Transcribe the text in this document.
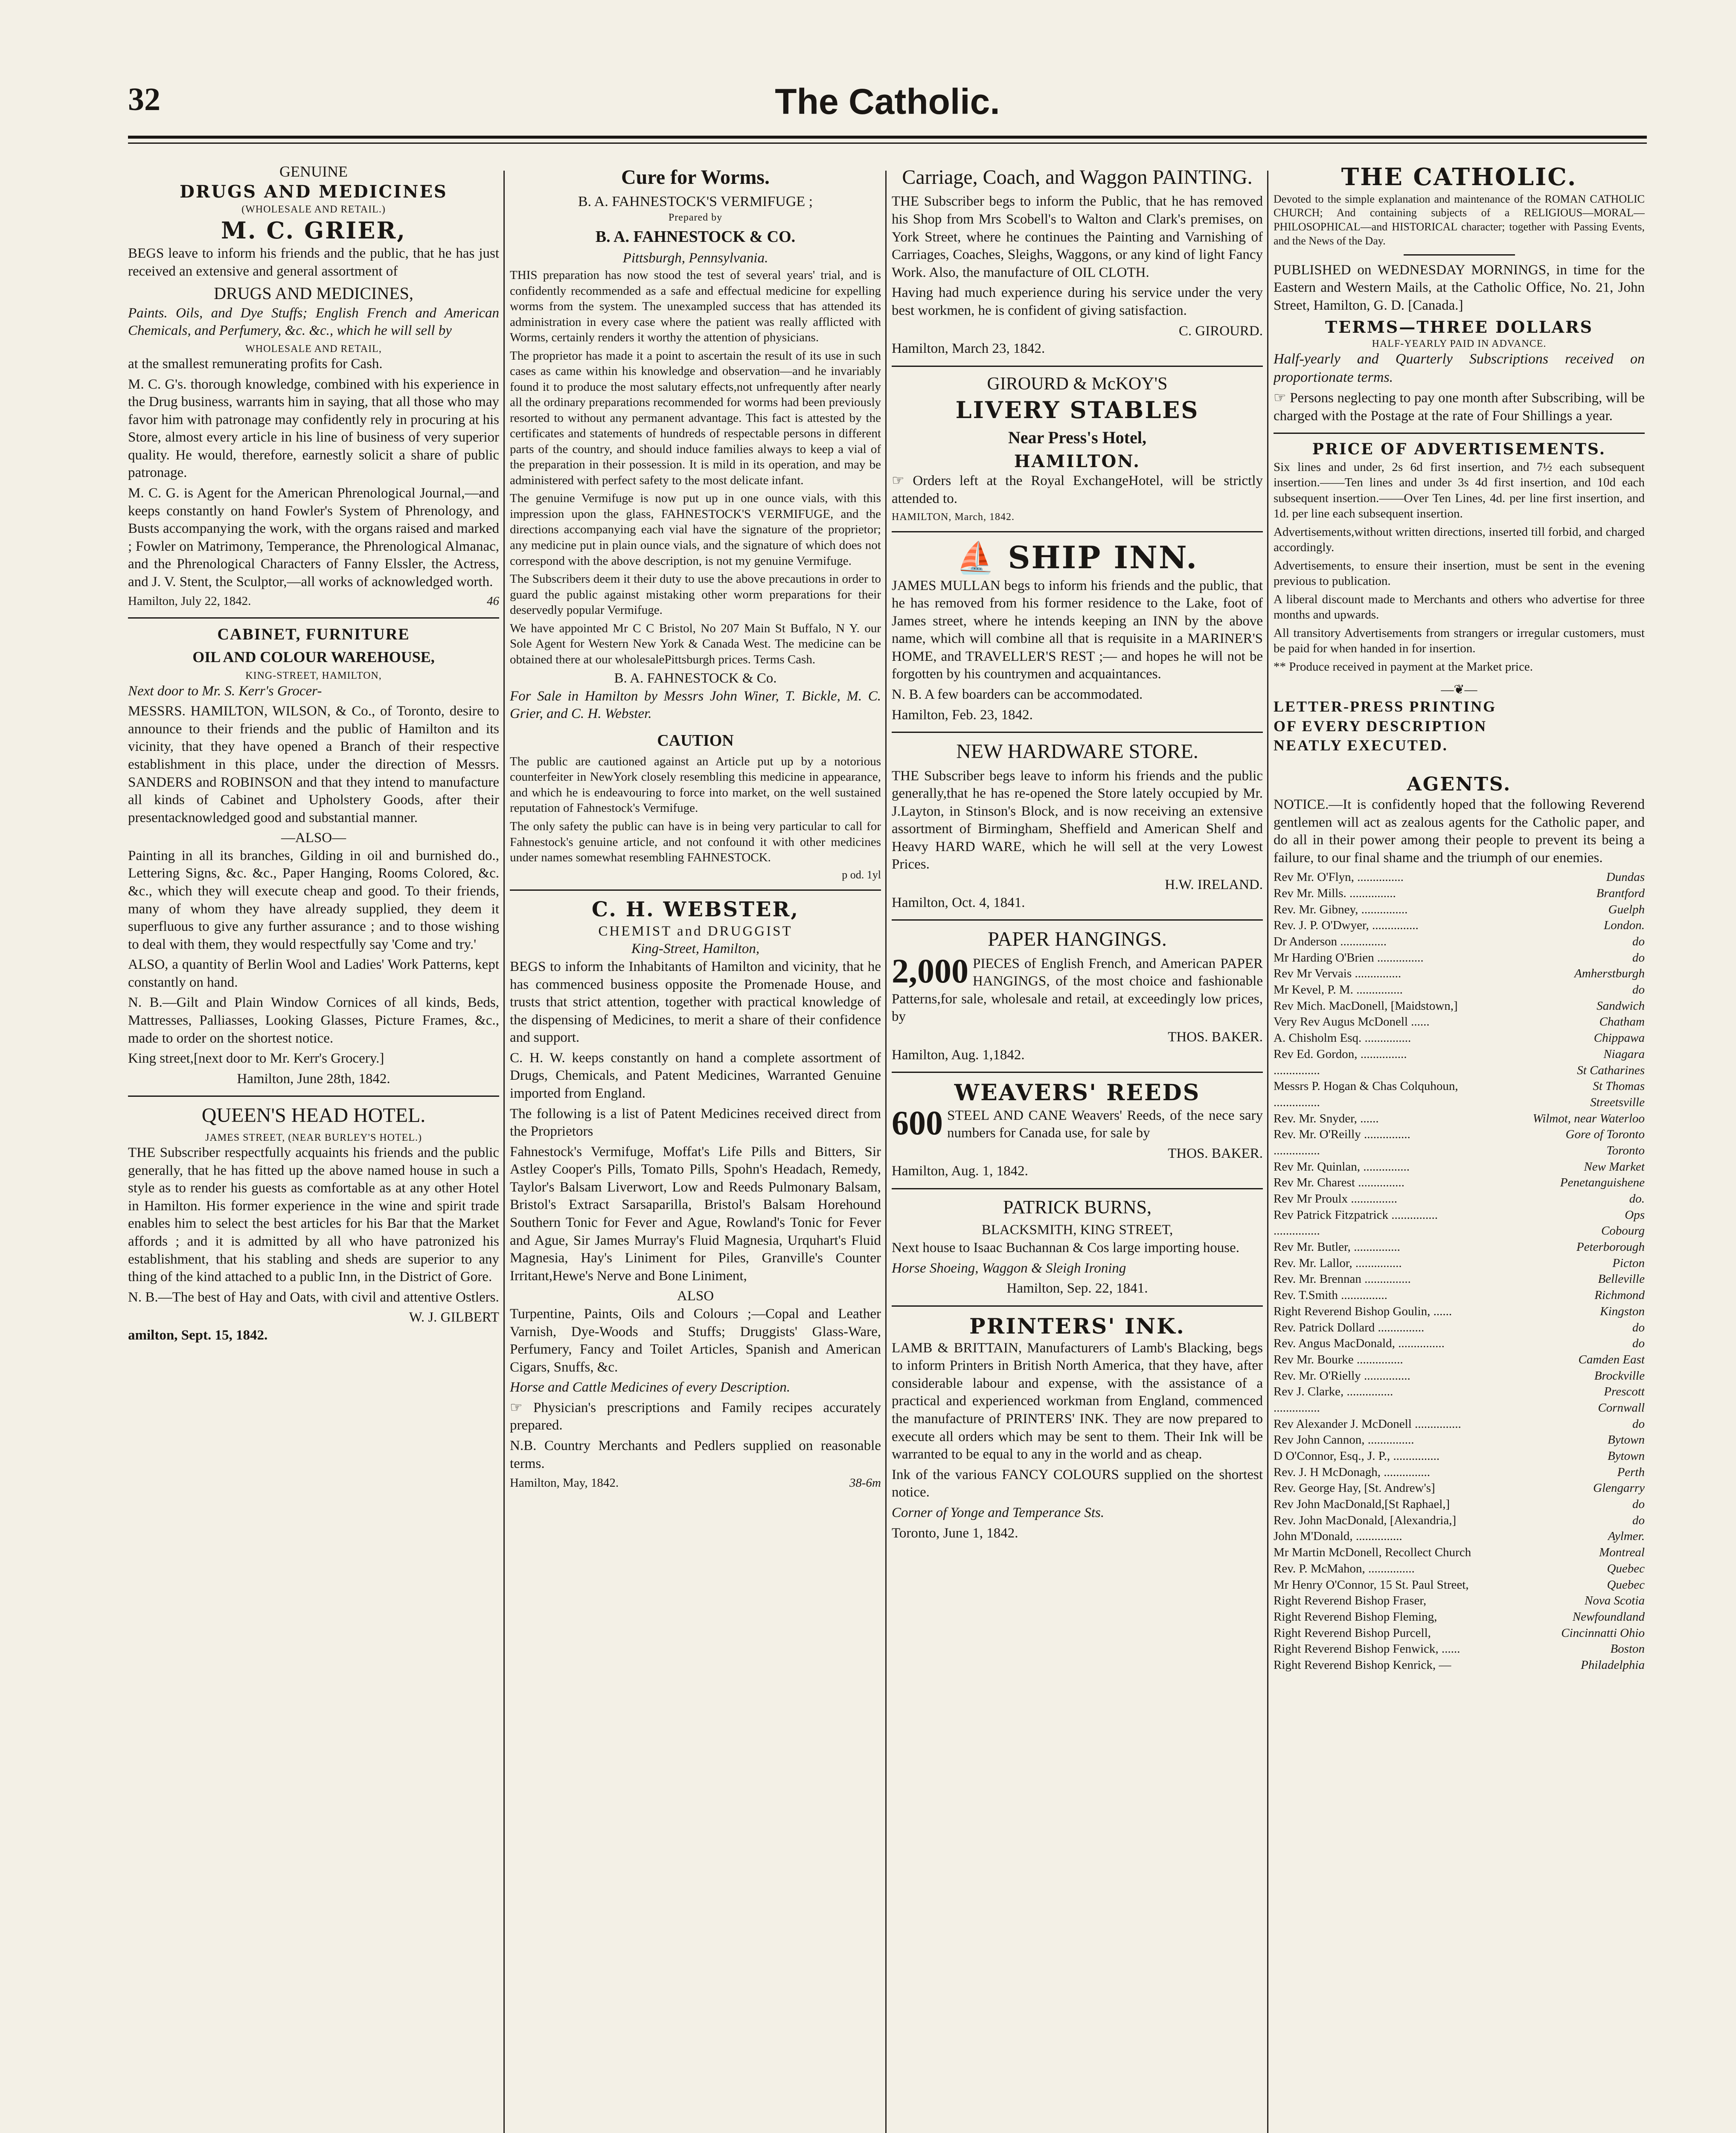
32	The Catholic.
GENUINE
DRUGS AND MEDICINES
(WHOLESALE AND RETAIL.)
M. C. GRIER,

BEGS leave to inform his friends and the public, that he has just received an extensive and general assortment of

DRUGS AND MEDICINES,

Paints. Oils, and Dye Stuffs; English French and American Chemicals, and Perfumery, &c. &c., which he will sell by

WHOLESALE AND RETAIL,

at the smallest remunerating profits for Cash.

M. C. G's. thorough knowledge, combined with his experience in the Drug business, warrants him in saying, that all those who may favor him with patronage may confidently rely in procuring at his Store, almost every article in his line of business of very superior quality. He would, therefore, earnestly solicit a share of public patronage.

M. C. G. is Agent for the American Phrenological Journal,—and keeps constantly on hand Fowler's System of Phrenology, and Busts accompanying the work, with the organs raised and marked ; Fowler on Matrimony, Temperance, the Phrenological Almanac, and the Phrenological Characters of Fanny Elssler, the Actress, and J. V. Stent, the Sculptor,—all works of acknowledged worth.

Hamilton, July 22, 1842.	46
CABINET, FURNITURE
OIL AND COLOUR WAREHOUSE,
KING-STREET, HAMILTON,

Next door to Mr. S. Kerr's Grocer-

MESSRS. HAMILTON, WILSON, & Co., of Toronto, desire to announce to their friends and the public of Hamilton and its vicinity, that they have opened a Branch of their respective establishment in this place, under the direction of Messrs. SANDERS and ROBINSON and that they intend to manufacture all kinds of Cabinet and Upholstery Goods, after their presentacknowledged good and substantial manner.

—ALSO—

Painting in all its branches, Gilding in oil and burnished do., Lettering Signs, &c. &c., Paper Hanging, Rooms Colored, &c. &c., which they will execute cheap and good. To their friends, many of whom they have already supplied, they deem it superfluous to give any further assurance ; and to those wishing to deal with them, they would respectfully say 'Come and try.'

ALSO, a quantity of Berlin Wool and Ladies' Work Patterns, kept constantly on hand.

N. B.—Gilt and Plain Window Cornices of all kinds, Beds, Mattresses, Palliasses, Looking Glasses, Picture Frames, &c., made to order on the shortest notice.

King street,[next door to Mr. Kerr's Grocery.]

Hamilton, June 28th, 1842.
QUEEN'S HEAD HOTEL.
JAMES STREET, (NEAR BURLEY'S HOTEL.)

THE Subscriber respectfully acquaints his friends and the public generally, that he has fitted up the above named house in such a style as to render his guests as comfortable as at any other Hotel in Hamilton. His former experience in the wine and spirit trade enables him to select the best articles for his Bar that the Market affords ; and it is admitted by all who have patronized his establishment, that his stabling and sheds are superior to any thing of the kind attached to a public Inn, in the District of Gore.

N. B.—The best of Hay and Oats, with civil and attentive Ostlers.

W. J. GILBERT
amilton, Sept. 15, 1842.
Cure for Worms.
B. A. FAHNESTOCK'S VERMIFUGE ;
Prepared by
B. A. FAHNESTOCK & CO.
Pittsburgh, Pennsylvania.

THIS preparation has now stood the test of several years' trial, and is confidently recommended as a safe and effectual medicine for expelling worms from the system. The unexampled success that has attended its administration in every case where the patient was really afflicted with Worms, certainly renders it worthy the attention of physicians.

The proprietor has made it a point to ascertain the result of its use in such cases as came within his knowledge and observation—and he invariably found it to produce the most salutary effects,not unfrequently after nearly all the ordinary preparations recommended for worms had been previously resorted to without any permanent advantage. This fact is attested by the certificates and statements of hundreds of respectable persons in different parts of the country, and should induce families always to keep a vial of the preparation in their possession. It is mild in its operation, and may be administered with perfect safety to the most delicate infant.

The genuine Vermifuge is now put up in one ounce vials, with this impression upon the glass, FAHNESTOCK'S VERMIFUGE, and the directions accompanying each vial have the signature of the proprietor; any medicine put in plain ounce vials, and the signature of which does not correspond with the above description, is not my genuine Vermifuge.

The Subscribers deem it their duty to use the above precautions in order to guard the public against mistaking other worm preparations for their deservedly popular Vermifuge.

We have appointed Mr C C Bristol, No 207 Main St Buffalo, N Y. our Sole Agent for Western New York & Canada West. The medicine can be obtained there at our wholesalePittsburgh prices. Terms Cash.

B. A. FAHNESTOCK & Co.

For Sale in Hamilton by Messrs John Winer, T. Bickle, M. C. Grier, and C. H. Webster.

CAUTION

The public are cautioned against an Article put up by a notorious counterfeiter in NewYork closely resembling this medicine in appearance, and which he is endeavouring to force into market, on the well sustained reputation of Fahnestock's Vermifuge.

The only safety the public can have is in being very particular to call for Fahnestock's genuine article, and not confound it with other medicines under names somewhat resembling FAHNESTOCK.

p od. 1yl
C. H. WEBSTER,
CHEMIST and DRUGGIST
King-Street, Hamilton,

BEGS to inform the Inhabitants of Hamilton and vicinity, that he has commenced business opposite the Promenade House, and trusts that strict attention, together with practical knowledge of the dispensing of Medicines, to merit a share of their confidence and support.

C. H. W. keeps constantly on hand a complete assortment of Drugs, Chemicals, and Patent Medicines, Warranted Genuine imported from England.

The following is a list of Patent Medicines received direct from the Proprietors

Fahnestock's Vermifuge, Moffat's Life Pills and Bitters, Sir Astley Cooper's Pills, Tomato Pills, Spohn's Headach, Remedy, Taylor's Balsam Liverwort, Low and Reeds Pulmonary Balsam, Bristol's Extract Sarsaparilla, Bristol's Balsam Horehound Southern Tonic for Fever and Ague, Rowland's Tonic for Fever and Ague, Sir James Murray's Fluid Magnesia, Urquhart's Fluid Magnesia, Hay's Liniment for Piles, Granville's Counter Irritant,Hewe's Nerve and Bone Liniment,

ALSO

Turpentine, Paints, Oils and Colours ;—Copal and Leather Varnish, Dye-Woods and Stuffs; Druggists' Glass-Ware, Perfumery, Fancy and Toilet Articles, Spanish and American Cigars, Snuffs, &c.

Horse and Cattle Medicines of every Description.

☞ Physician's prescriptions and Family recipes accurately prepared.

N.B. Country Merchants and Pedlers supplied on reasonable terms.

Hamilton, May, 1842.	38-6m
Carriage, Coach, and Waggon PAINTING.

THE Subscriber begs to inform the Public, that he has removed his Shop from Mrs Scobell's to Walton and Clark's premises, on York Street, where he continues the Painting and Varnishing of Carriages, Coaches, Sleighs, Waggons, or any kind of light Fancy Work. Also, the manufacture of OIL CLOTH.

Having had much experience during his service under the very best workmen, he is confident of giving satisfaction.

C. GIROURD.
Hamilton, March 23, 1842.
GIROURD & McKOY'S
LIVERY STABLES
Near Press's Hotel,
HAMILTON.

☞ Orders left at the Royal ExchangeHotel, will be strictly attended to.

HAMILTON, March, 1842.
⛵ SHIP INN.

JAMES MULLAN begs to inform his friends and the public, that he has removed from his former residence to the Lake, foot of James street, where he intends keeping an INN by the above name, which will combine all that is requisite in a MARINER'S HOME, and TRAVELLER'S REST ;— and hopes he will not be forgotten by his countrymen and acquaintances.

N. B. A few boarders can be accommodated.

Hamilton, Feb. 23, 1842.
NEW HARDWARE STORE.

THE Subscriber begs leave to inform his friends and the public generally,that he has re-opened the Store lately occupied by Mr. J.Layton, in Stinson's Block, and is now receiving an extensive assortment of Birmingham, Sheffield and American Shelf and Heavy HARD WARE, which he will sell at the very Lowest Prices.

H.W. IRELAND.
Hamilton, Oct. 4, 1841.
PAPER HANGINGS.

2,000 PIECES of English French, and American PAPER HANGINGS, of the most choice and fashionable Patterns,for sale, wholesale and retail, at exceedingly low prices, by

THOS. BAKER.
Hamilton, Aug. 1,1842.
WEAVERS' REEDS

600 STEEL AND CANE Weavers' Reeds, of the nece sary numbers for Canada use, for sale by

THOS. BAKER.
Hamilton, Aug. 1, 1842.
PATRICK BURNS,
BLACKSMITH, KING STREET,

Next house to Isaac Buchannan & Cos large importing house.

Horse Shoeing, Waggon & Sleigh Ironing

Hamilton, Sep. 22, 1841.
PRINTERS' INK.

LAMB & BRITTAIN, Manufacturers of Lamb's Blacking, begs to inform Printers in British North America, that they have, after considerable labour and expense, with the assistance of a practical and experienced workman from England, commenced the manufacture of PRINTERS' INK. They are now prepared to execute all orders which may be sent to them. Their Ink will be warranted to be equal to any in the world and as cheap.

Ink of the various FANCY COLOURS supplied on the shortest notice.

Corner of Yonge and Temperance Sts.

Toronto, June 1, 1842.
THE CATHOLIC.

Devoted to the simple explanation and maintenance of the ROMAN CATHOLIC CHURCH; And containing subjects of a RELIGIOUS—MORAL—PHILOSOPHICAL—and HISTORICAL character; together with Passing Events, and the News of the Day.

PUBLISHED on WEDNESDAY MORNINGS, in time for the Eastern and Western Mails, at the Catholic Office, No. 21, John Street, Hamilton, G. D. [Canada.]

TERMS—THREE DOLLARS
HALF-YEARLY PAID IN ADVANCE.

Half-yearly and Quarterly Subscriptions received on proportionate terms.

☞ Persons neglecting to pay one month after Subscribing, will be charged with the Postage at the rate of Four Shillings a year.

PRICE OF ADVERTISEMENTS.

Six lines and under, 2s 6d first insertion, and 7½ each subsequent insertion.——Ten lines and under 3s 4d first insertion, and 10d each subsequent insertion.——Over Ten Lines, 4d. per line first insertion, and 1d. per line each subsequent insertion.

Advertisements,without written directions, inserted till forbid, and charged accordingly.

Advertisements, to ensure their insertion, must be sent in the evening previous to publication.

A liberal discount made to Merchants and others who advertise for three months and upwards.

All transitory Advertisements from strangers or irregular customers, must be paid for when handed in for insertion.

** Produce received in payment at the Market price.

—❦—
LETTER-PRESS PRINTING
OF EVERY DESCRIPTION
NEATLY EXECUTED.
AGENTS.

NOTICE.—It is confidently hoped that the following Reverend gentlemen will act as zealous agents for the Catholic paper, and do all in their power among their people to prevent its being a failure, to our final shame and the triumph of our enemies.

Rev Mr. O'Flyn, ...............	Dundas
Rev Mr. Mills. ...............	Brantford
Rev. Mr. Gibney, ...............	Guelph
Rev. J. P. O'Dwyer, ...............	London.
Dr Anderson ...............	do
Mr Harding O'Brien ...............	do
Rev Mr Vervais ...............	Amherstburgh
Mr Kevel, P. M. ...............	do
Rev Mich. MacDonell, [Maidstown,]	Sandwich
Very Rev Augus McDonell ......	Chatham
A. Chisholm Esq. ...............	Chippawa
Rev Ed. Gordon, ...............	Niagara
...............	St Catharines
Messrs P. Hogan & Chas Colquhoun,	St Thomas
...............	Streetsville
Rev. Mr. Snyder, ......	Wilmot, near Waterloo
Rev. Mr. O'Reilly ...............	Gore of Toronto
...............	Toronto
Rev Mr. Quinlan, ...............	New Market
Rev Mr. Charest ...............	Penetanguishene
Rev Mr Proulx ...............	do.
Rev Patrick Fitzpatrick ...............	Ops
...............	Cobourg
Rev Mr. Butler, ...............	Peterborough
Rev. Mr. Lallor, ...............	Picton
Rev. Mr. Brennan ...............	Belleville
Rev. T.Smith ...............	Richmond
Right Reverend Bishop Goulin, ......	Kingston
Rev. Patrick Dollard ...............	do
Rev. Angus MacDonald, ...............	do
Rev Mr. Bourke ...............	Camden East
Rev. Mr. O'Rielly ...............	Brockville
Rev J. Clarke, ...............	Prescott
...............	Cornwall
Rev Alexander J. McDonell ...............	do
Rev John Cannon, ...............	Bytown
D O'Connor, Esq., J. P., ...............	Bytown
Rev. J. H McDonagh, ...............	Perth
Rev. George Hay, [St. Andrew's]	Glengarry
Rev John MacDonald,[St Raphael,]	do
Rev. John MacDonald, [Alexandria,]	do
John M'Donald, ...............	Aylmer.
Mr Martin McDonell, Recollect Church	Montreal
Rev. P. McMahon, ...............	Quebec
Mr Henry O'Connor, 15 St. Paul Street,	Quebec
Right Reverend Bishop Fraser,	Nova Scotia
Right Reverend Bishop Fleming,	Newfoundland
Right Reverend Bishop Purcell,	Cincinnatti Ohio
Right Reverend Bishop Fenwick, ......	Boston
Right Reverend Bishop Kenrick, —	Philadelphia
